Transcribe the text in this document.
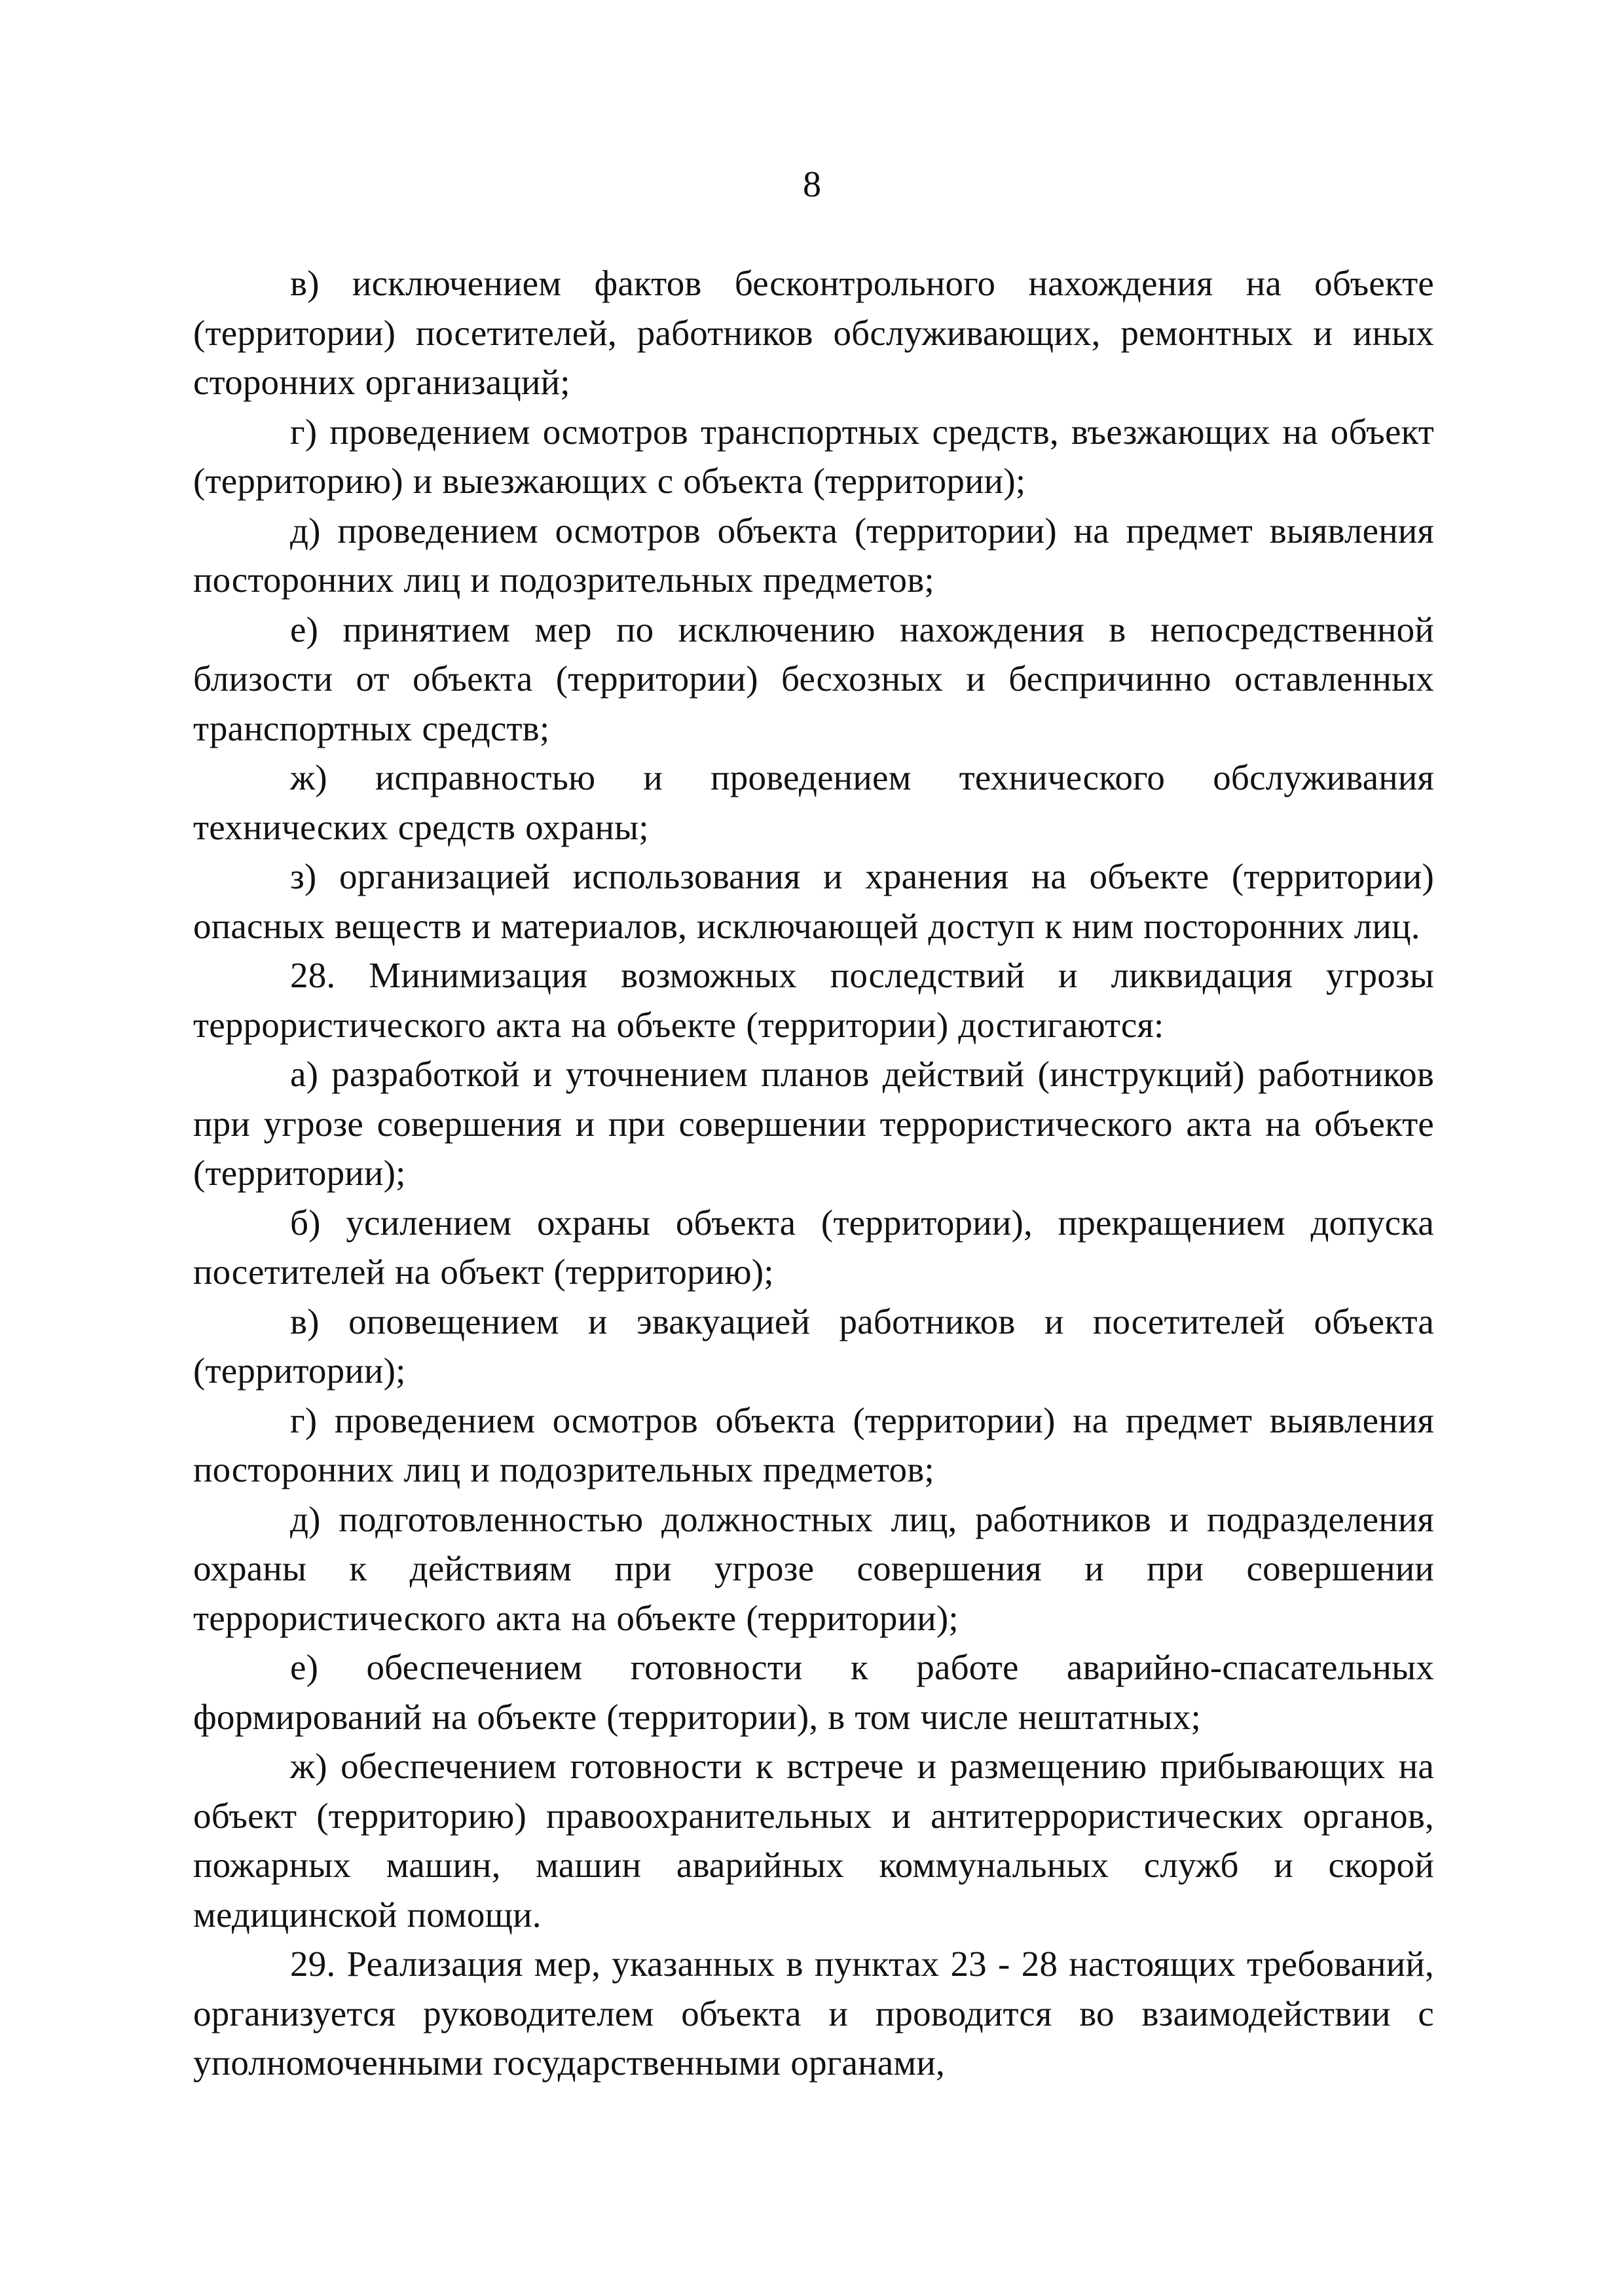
8

в) исключением фактов бесконтрольного нахождения на объекте (территории) посетителей, работников обслуживающих, ремонтных и иных сторонних организаций;

г) проведением осмотров транспортных средств, въезжающих на объект (территорию) и выезжающих с объекта (территории);

д) проведением осмотров объекта (территории) на предмет выявления посторонних лиц и подозрительных предметов;

е) принятием мер по исключению нахождения в непосредственной близости от объекта (территории) бесхозных и беспричинно оставленных транспортных средств;

ж) исправностью и проведением технического обслуживания технических средств охраны;

з) организацией использования и хранения на объекте (территории) опасных веществ и материалов, исключающей доступ к ним посторонних лиц.

28. Минимизация возможных последствий и ликвидация угрозы террористического акта на объекте (территории) достигаются:

а) разработкой и уточнением планов действий (инструкций) работников при угрозе совершения и при совершении террористического акта на объекте (территории);

б) усилением охраны объекта (территории), прекращением допуска посетителей на объект (территорию);

в) оповещением и эвакуацией работников и посетителей объекта (территории);

г) проведением осмотров объекта (территории) на предмет выявления посторонних лиц и подозрительных предметов;

д) подготовленностью должностных лиц, работников и подразделения охраны к действиям при угрозе совершения и при совершении террористического акта на объекте (территории);

е) обеспечением готовности к работе аварийно-спасательных формирований на объекте (территории), в том числе нештатных;

ж) обеспечением готовности к встрече и размещению прибывающих на объект (территорию) правоохранительных и антитеррористических органов, пожарных машин, машин аварийных коммунальных служб и скорой медицинской помощи.

29. Реализация мер, указанных в пунктах 23 - 28 настоящих требований, организуется руководителем объекта и проводится во взаимодействии с уполномоченными государственными органами,
